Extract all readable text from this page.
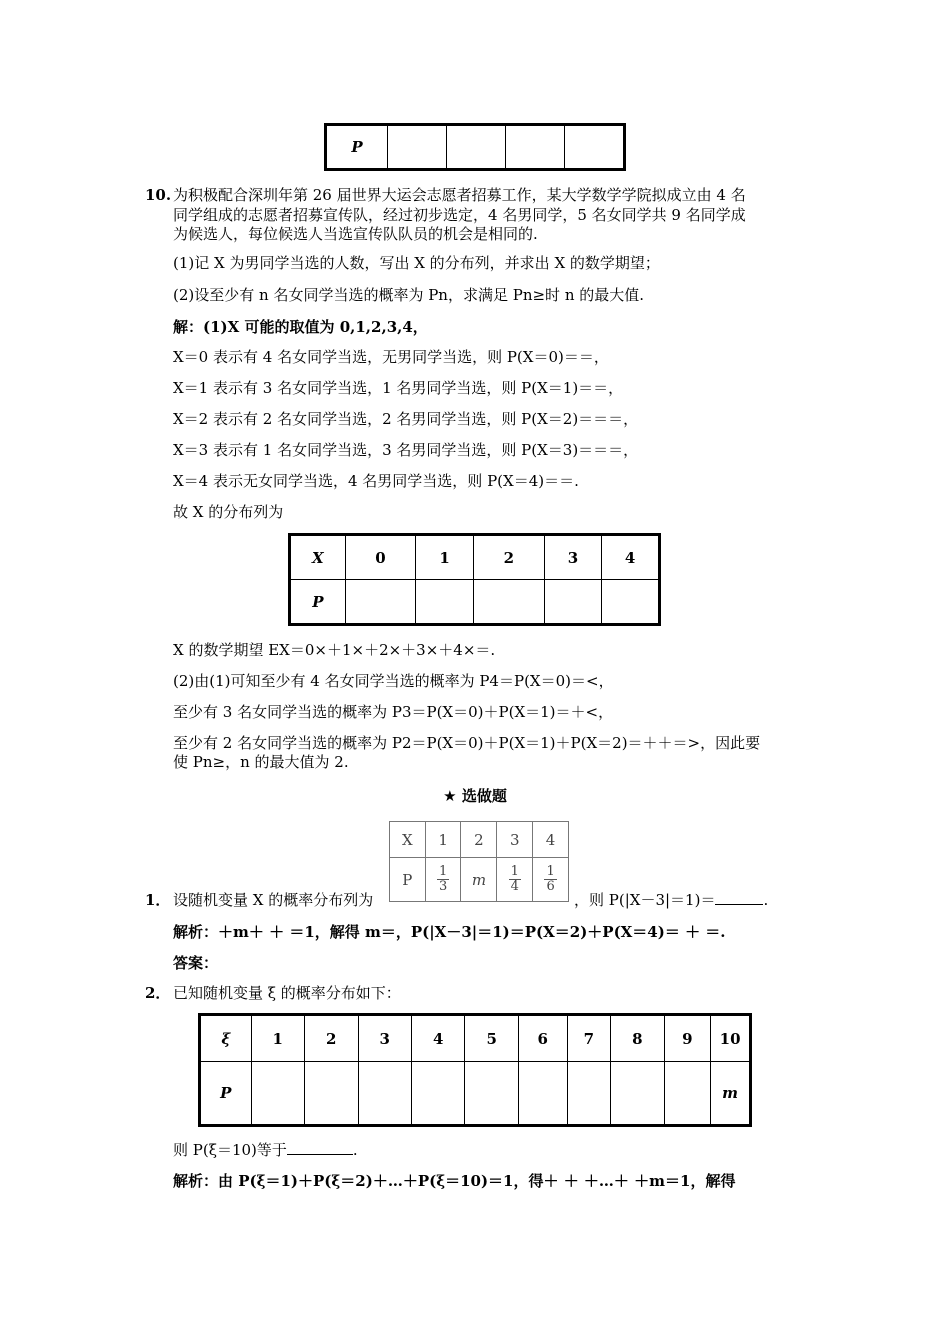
P				
10. 为积极配合深圳年第 26 届世界大运会志愿者招募工作，某大学数学学院拟成立由 4 名
同学组成的志愿者招募宣传队，经过初步选定，4 名男同学，5 名女同学共 9 名同学成
为候选人，每位候选人当选宣传队队员的机会是相同的.
(1)记 X 为男同学当选的人数，写出 X 的分布列，并求出 X 的数学期望；
(2)设至少有 n 名女同学当选的概率为 Pn，求满足 Pn≥时 n 的最大值.
解：(1)X 可能的取值为 0,1,2,3,4，
X＝0 表示有 4 名女同学当选，无男同学当选，则 P(X＝0)＝＝，
X＝1 表示有 3 名女同学当选，1 名男同学当选，则 P(X＝1)＝＝，
X＝2 表示有 2 名女同学当选，2 名男同学当选，则 P(X＝2)＝＝＝，
X＝3 表示有 1 名女同学当选，3 名男同学当选，则 P(X＝3)＝＝＝，
X＝4 表示无女同学当选，4 名男同学当选，则 P(X＝4)＝＝.
故 X 的分布列为
X	0	1	2	3	4
P					
X 的数学期望 EX＝0×＋1×＋2×＋3×＋4×＝.
(2)由(1)可知至少有 4 名女同学当选的概率为 P4＝P(X＝0)＝<，
至少有 3 名女同学当选的概率为 P3＝P(X＝0)＋P(X＝1)＝＋<，
至少有 2 名女同学当选的概率为 P2＝P(X＝0)＋P(X＝1)＋P(X＝2)＝＋＋＝>，因此要
使 Pn≥，n 的最大值为 2.
★ 选做题
X	1	2	3	4
P	$\frac{1}{3}$	m	$\frac{1}{4}$	$\frac{1}{6}$
1． 设随机变量 X 的概率分布列为	，则 P(|X－3|＝1)＝	.
解析：＋m＋ ＋ ＝1，解得 m＝，P(|X－3|＝1)＝P(X＝2)＋P(X＝4)＝ ＋ ＝.
答案：
2． 已知随机变量 ξ 的概率分布如下：
ξ	1	2	3	4	5	6	7	8	9	10
P										m
则 P(ξ＝10)等于	.
解析：由 P(ξ＝1)＋P(ξ＝2)＋…＋P(ξ＝10)＝1，得＋ ＋ ＋…＋ ＋m＝1，解得
